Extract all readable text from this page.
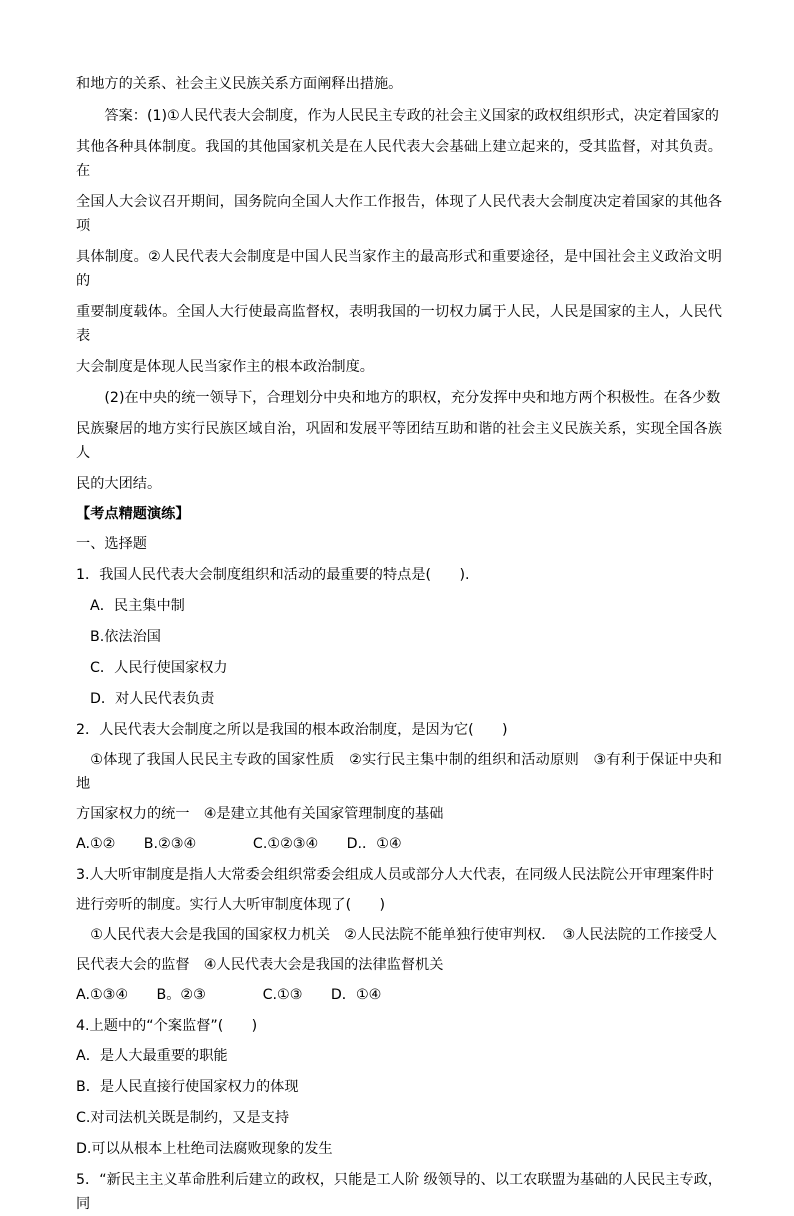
和地方的关系、社会主义民族关系方面阐释出措施。

答案：(1)①人民代表大会制度，作为人民民主专政的社会主义国家的政权组织形式，决定着国家的

其他各种具体制度。我国的其他国家机关是在人民代表大会基础上建立起来的，受其监督，对其负责。在

全国人大会议召开期间，国务院向全国人大作工作报告，体现了人民代表大会制度决定着国家的其他各项

具体制度。②人民代表大会制度是中国人民当家作主的最高形式和重要途径，是中国社会主义政治文明的

重要制度载体。全国人大行使最高监督权，表明我国的一切权力属于人民，人民是国家的主人，人民代表

大会制度是体现人民当家作主的根本政治制度。

(2)在中央的统一领导下，合理划分中央和地方的职权，充分发挥中央和地方两个积极性。在各少数

民族聚居的地方实行民族区域自治，巩固和发展平等团结互助和谐的社会主义民族关系，实现全国各族人

民的大团结。

【考点精题演练】

一、选择题

1．我国人民代表大会制度组织和活动的最重要的特点是(　　).

A．民主集中制

B.依法治国

C．人民行使国家权力

D．对人民代表负责

2．人民代表大会制度之所以是我国的根本政治制度，是因为它(　　)

①体现了我国人民民主专政的国家性质　②实行民主集中制的组织和活动原则　③有利于保证中央和地

方国家权力的统一　④是建立其他有关国家管理制度的基础

A.①②　　B.②③④　　　　C.①②③④　　D.．①④

3.人大听审制度是指人大常委会组织常委会组成人员或部分人大代表，在同级人民法院公开审理案件时

进行旁听的制度。实行人大听审制度体现了(　　)

①人民代表大会是我国的国家权力机关　②人民法院不能单独行使审判权．　③人民法院的工作接受人

民代表大会的监督　④人民代表大会是我国的法律监督机关

A.①③④　　B。②③　　　　C.①③　　D．①④

4.上题中的“个案监督”(　　)

A．是人大最重要的职能

B．是人民直接行使国家权力的体现

C.对司法机关既是制约，又是支持

D.可以从根本上杜绝司法腐败现象的发生

5．“新民主主义革命胜利后建立的政权，只能是工人阶 级领导的、以工农联盟为基础的人民民主专政，同
